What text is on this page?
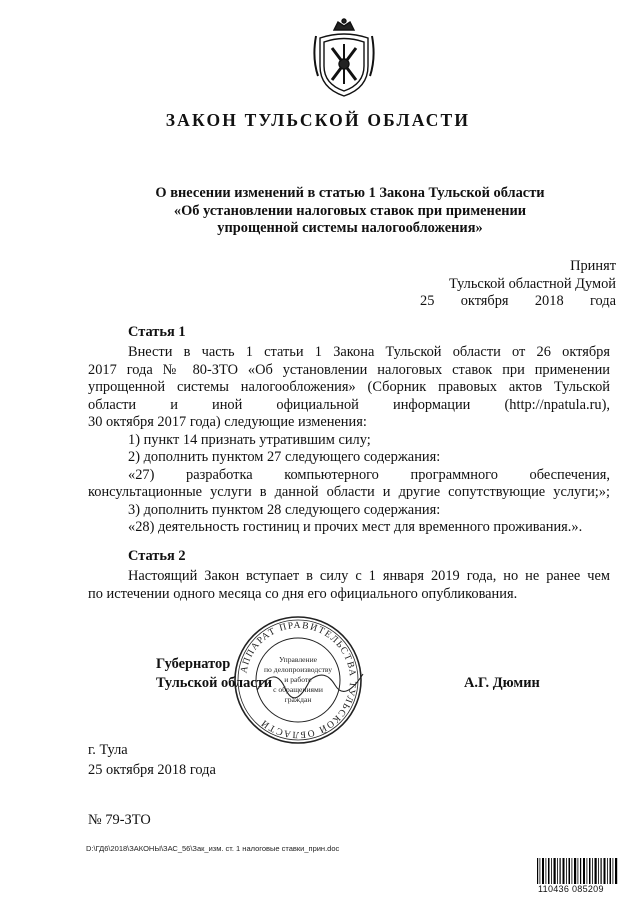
ЗАКОН ТУЛЬСКОЙ ОБЛАСТИ
О внесении изменений в статью 1 Закона Тульской области
«Об установлении налоговых ставок при применении
упрощенной системы налогообложения»
Принят
Тульской областной Думой
25 октября 2018 года
Статья 1

Внести в часть 1 статьи 1 Закона Тульской области от 26 октября

2017 года № 80-ЗТО «Об установлении налоговых ставок при применении

упрощенной системы налогообложения» (Сборник правовых актов Тульской

области и иной официальной информации (http://npatula.ru),

30 октября 2017 года) следующие изменения:

1) пункт 14 признать утратившим силу;

2) дополнить пунктом 27 следующего содержания:

«27) разработка компьютерного программного обеспечения,

консультационные услуги в данной области и другие сопутствующие услуги;»;

3) дополнить пунктом 28 следующего содержания:

«28) деятельность гостиниц и прочих мест для временного проживания.».

Статья 2

Настоящий Закон вступает в силу с 1 января 2019 года, но не ранее чем

по истечении одного месяца со дня его официального опубликования.

АППАРАТ ПРАВИТЕЛЬСТВА ТУЛЬСКОЙ ОБЛАСТИ
Управление
по делопроизводству
и работе
с обращениями
граждан
Губернатор
Тульской области	А.Г. Дюмин
г. Тула
25 октября 2018 года
№ 79-ЗТО
D:\ГД6\2018\ЗАКОНЫ\ЗАС_56\Зак_изм. ст. 1 налоговые ставки_прин.doc
110436 085209
